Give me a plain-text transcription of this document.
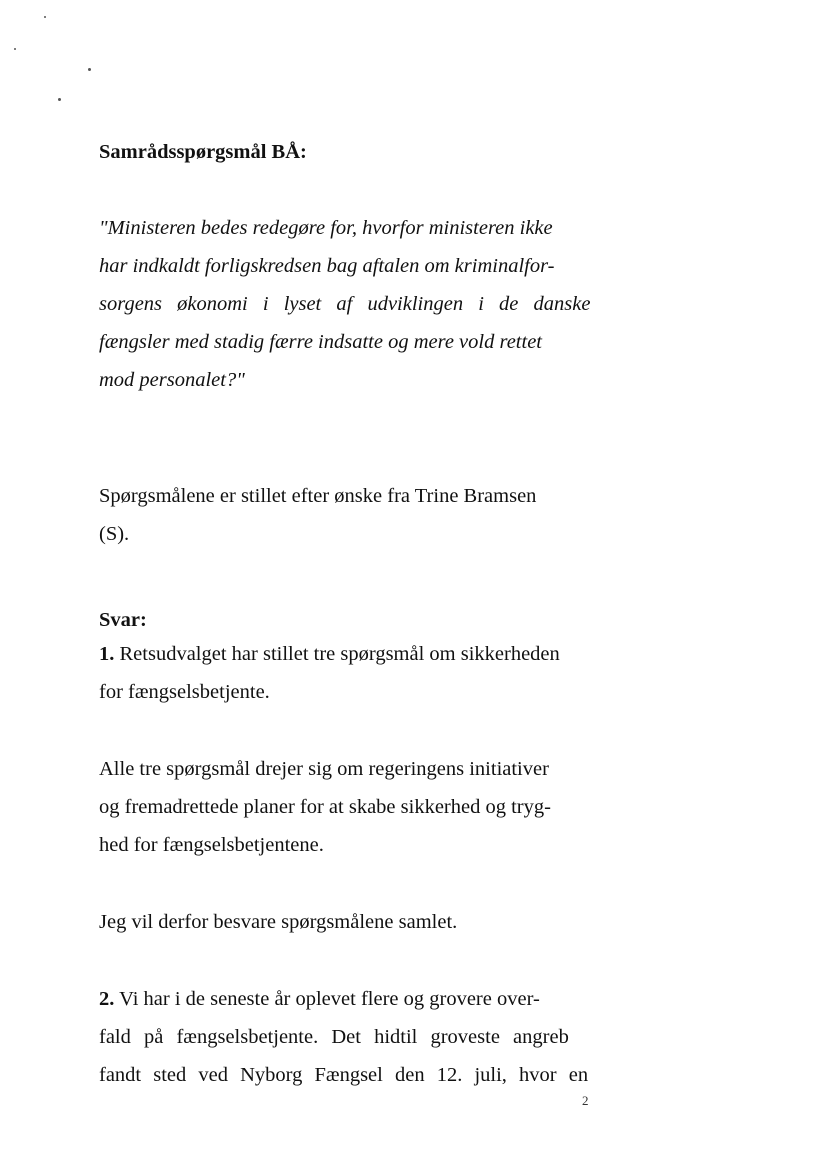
Samrådsspørgsmål BÅ:
"Ministeren bedes redegøre for, hvorfor ministeren ikke
har indkaldt forligskredsen bag aftalen om kriminalfor-
sorgens økonomi i lyset af udviklingen i de danske
fængsler med stadig færre indsatte og mere vold rettet
mod personalet?"
Spørgsmålene er stillet efter ønske fra Trine Bramsen
(S).
Svar:
1. Retsudvalget har stillet tre spørgsmål om sikkerheden
for fængselsbetjente.
Alle tre spørgsmål drejer sig om regeringens initiativer
og fremadrettede planer for at skabe sikkerhed og tryg-
hed for fængselsbetjentene.
Jeg vil derfor besvare spørgsmålene samlet.
2. Vi har i de seneste år oplevet flere og grovere over-
fald på fængselsbetjente. Det hidtil groveste angreb
fandt sted ved Nyborg Fængsel den 12. juli, hvor en
2
